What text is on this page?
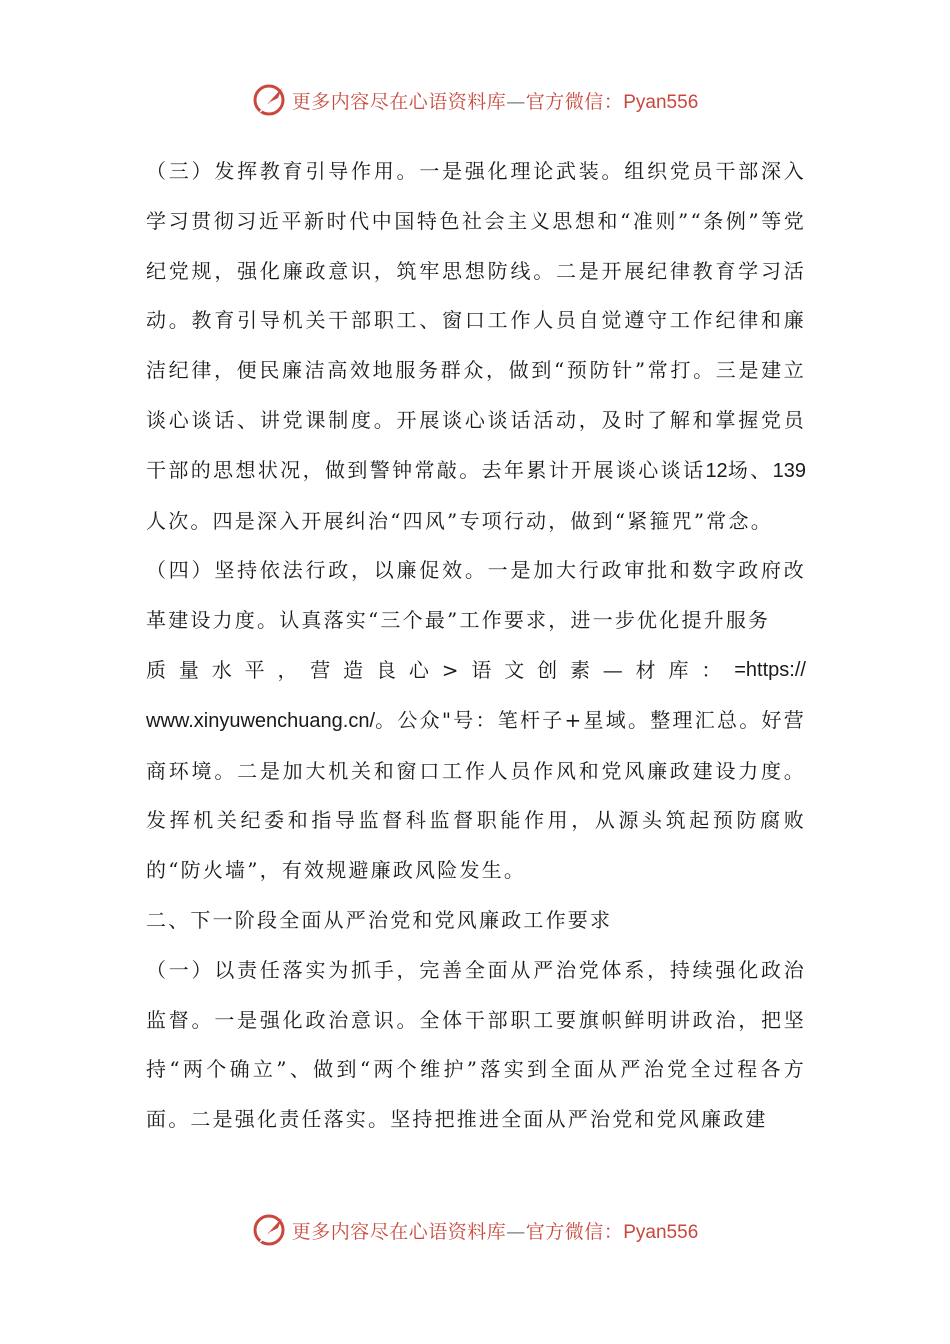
更多内容尽在心语资料库—官方微信：Pyan556

（三）发挥教育引导作用。一是强化理论武装。组织党员干部深入学习贯彻习近平新时代中国特色社会主义思想和“准则”“条例”等党纪党规，强化廉政意识，筑牢思想防线。二是开展纪律教育学习活动。教育引导机关干部职工、窗口工作人员自觉遵守工作纪律和廉洁纪律，便民廉洁高效地服务群众，做到“预防针”常打。三是建立谈心谈话、讲党课制度。开展谈心谈话活动，及时了解和掌握党员干部的思想状况，做到警钟常敲。去年累计开展谈心谈话12场、139人次。四是深入开展纠治“四风”专项行动，做到“紧箍咒”常念。

（四）坚持依法行政，以廉促效。一是加大行政审批和数字政府改革建设力度。认真落实“三个最”工作要求，进一步优化提升服务

质 量 水 平 ， 营 造 良 心 > 语 文 创 素 — 材 库 ： =https://

www.xinyuwenchuang.cn/。公众"号：笔杆子+星域。整理汇总。好营商环境。二是加大机关和窗口工作人员作风和党风廉政建设力度。发挥机关纪委和指导监督科监督职能作用，从源头筑起预防腐败的“防火墙”，有效规避廉政风险发生。

二、下一阶段全面从严治党和党风廉政工作要求

（一）以责任落实为抓手，完善全面从严治党体系，持续强化政治监督。一是强化政治意识。全体干部职工要旗帜鲜明讲政治，把坚持“两个确立”、做到“两个维护”落实到全面从严治党全过程各方面。二是强化责任落实。坚持把推进全面从严治党和党风廉政建

更多内容尽在心语资料库—官方微信：Pyan556
